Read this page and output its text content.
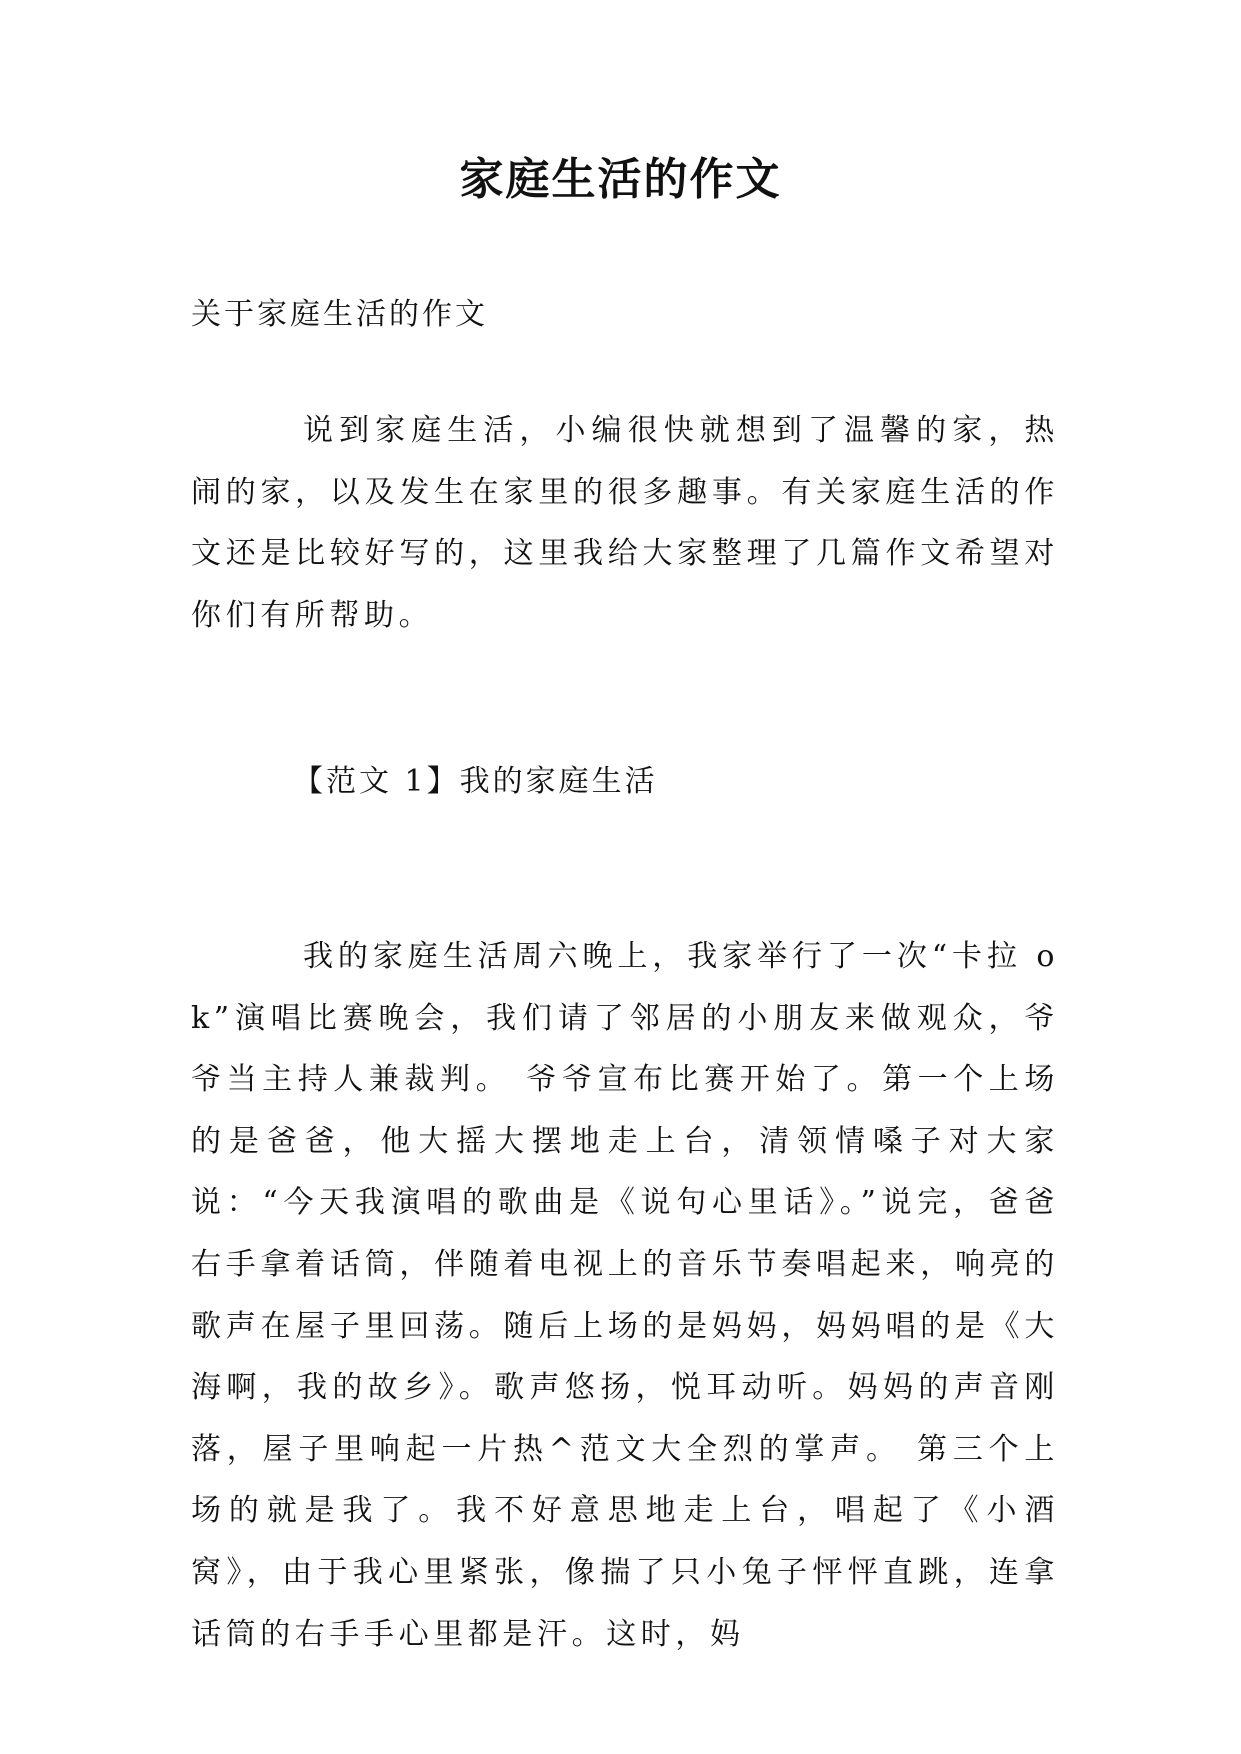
家庭生活的作文

关于家庭生活的作文

说到家庭生活，小编很快就想到了温馨的家，热闹的家，以及发生在家里的很多趣事。有关家庭生活的作文还是比较好写的，这里我给大家整理了几篇作文希望对你们有所帮助。

【范文 1】我的家庭生活

我的家庭生活周六晚上，我家举行了一次“卡拉 ok”演唱比赛晚会，我们请了邻居的小朋友来做观众，爷爷当主持人兼裁判。 爷爷宣布比赛开始了。第一个上场的是爸爸，他大摇大摆地走上台，清领情嗓子对大家说：“今天我演唱的歌曲是《说句心里话》。”说完，爸爸右手拿着话筒，伴随着电视上的音乐节奏唱起来，响亮的歌声在屋子里回荡。随后上场的是妈妈，妈妈唱的是《大海啊，我的故乡》。歌声悠扬，悦耳动听。妈妈的声音刚落，屋子里响起一片热^范文大全烈的掌声。 第三个上场的就是我了。我不好意思地走上台，唱起了《小酒窝》，由于我心里紧张，像揣了只小兔子怦怦直跳，连拿话筒的右手手心里都是汗。这时，妈
